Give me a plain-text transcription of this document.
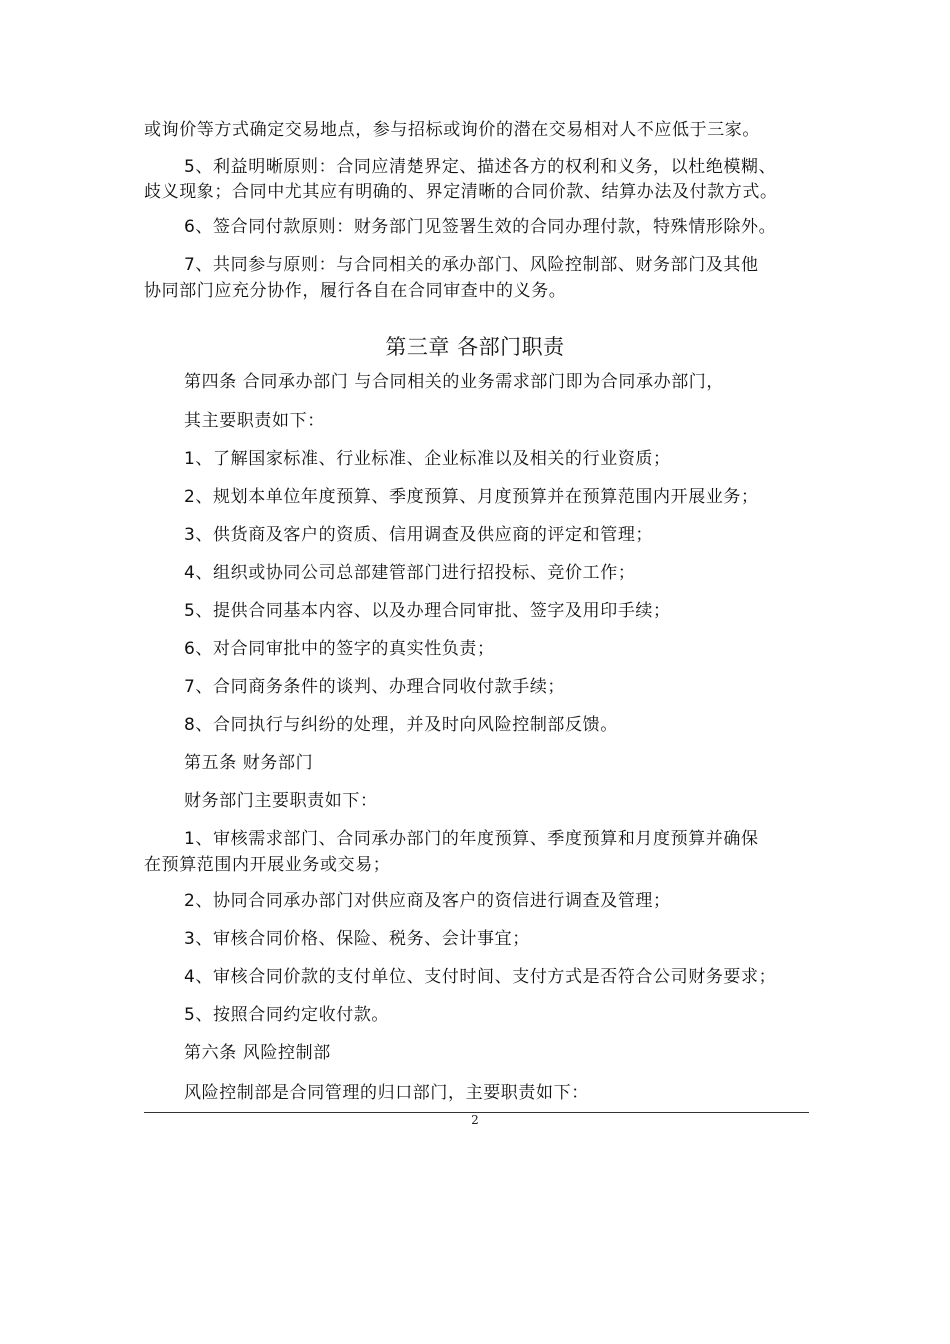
或询价等方式确定交易地点，参与招标或询价的潜在交易相对人不应低于三家。
5、利益明晰原则：合同应清楚界定、描述各方的权利和义务，以杜绝模糊、
歧义现象；合同中尤其应有明确的、界定清晰的合同价款、结算办法及付款方式。
6、签合同付款原则：财务部门见签署生效的合同办理付款，特殊情形除外。
7、共同参与原则：与合同相关的承办部门、风险控制部、财务部门及其他
协同部门应充分协作，履行各自在合同审查中的义务。
第三章 各部门职责
第四条 合同承办部门 与合同相关的业务需求部门即为合同承办部门，
其主要职责如下：
1、了解国家标准、行业标准、企业标准以及相关的行业资质；
2、规划本单位年度预算、季度预算、月度预算并在预算范围内开展业务；
3、供货商及客户的资质、信用调查及供应商的评定和管理；
4、组织或协同公司总部建管部门进行招投标、竞价工作；
5、提供合同基本内容、以及办理合同审批、签字及用印手续；
6、对合同审批中的签字的真实性负责；
7、合同商务条件的谈判、办理合同收付款手续；
8、合同执行与纠纷的处理，并及时向风险控制部反馈。
第五条 财务部门
财务部门主要职责如下：
1、审核需求部门、合同承办部门的年度预算、季度预算和月度预算并确保
在预算范围内开展业务或交易；
2、协同合同承办部门对供应商及客户的资信进行调查及管理；
3、审核合同价格、保险、税务、会计事宜；
4、审核合同价款的支付单位、支付时间、支付方式是否符合公司财务要求；
5、按照合同约定收付款。
第六条 风险控制部
风险控制部是合同管理的归口部门，主要职责如下：
2
